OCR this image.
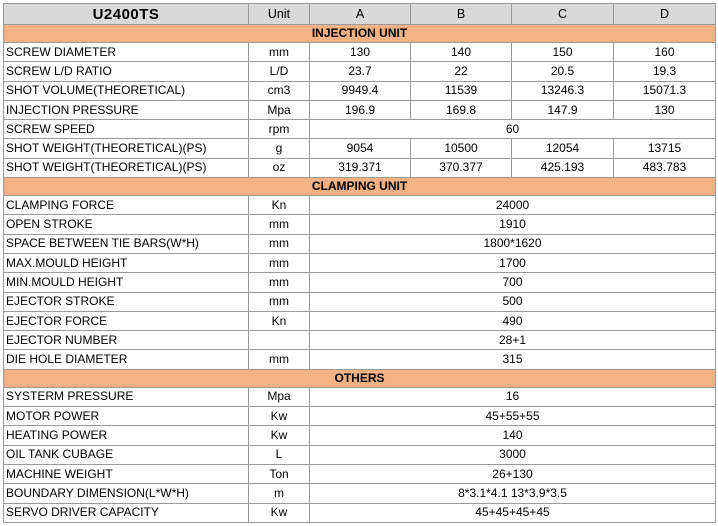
U2400TS	Unit	A	B	C	D
INJECTION UNIT					
SCREW DIAMETER	mm	130	140	150	160
SCREW L/D RATIO	L/D	23.7	22	20.5	19.3
SHOT VOLUME(THEORETICAL)	cm3	9949.4	11539	13246.3	15071.3
INJECTION PRESSURE	Mpa	196.9	169.8	147.9	130
SCREW SPEED	rpm	60			
SHOT WEIGHT(THEORETICAL)(PS)	g	9054	10500	12054	13715
SHOT WEIGHT(THEORETICAL)(PS)	oz	319.371	370.377	425.193	483.783
CLAMPING UNIT					
CLAMPING FORCE	Kn	24000			
OPEN STROKE	mm	1910			
SPACE BETWEEN TIE BARS(W*H)	mm	1800*1620			
MAX.MOULD HEIGHT	mm	1700			
MIN.MOULD HEIGHT	mm	700			
EJECTOR STROKE	mm	500			
EJECTOR FORCE	Kn	490			
EJECTOR NUMBER		28+1			
DIE HOLE DIAMETER	mm	315			
OTHERS					
SYSTERM PRESSURE	Mpa	16			
MOTOR POWER	Kw	45+55+55			
HEATING POWER	Kw	140			
OIL TANK CUBAGE	L	3000			
MACHINE WEIGHT	Ton	26+130			
BOUNDARY DIMENSION(L*W*H)	m	8*3.1*4.1 13*3.9*3.5			
SERVO DRIVER CAPACITY	Kw	45+45+45+45			
